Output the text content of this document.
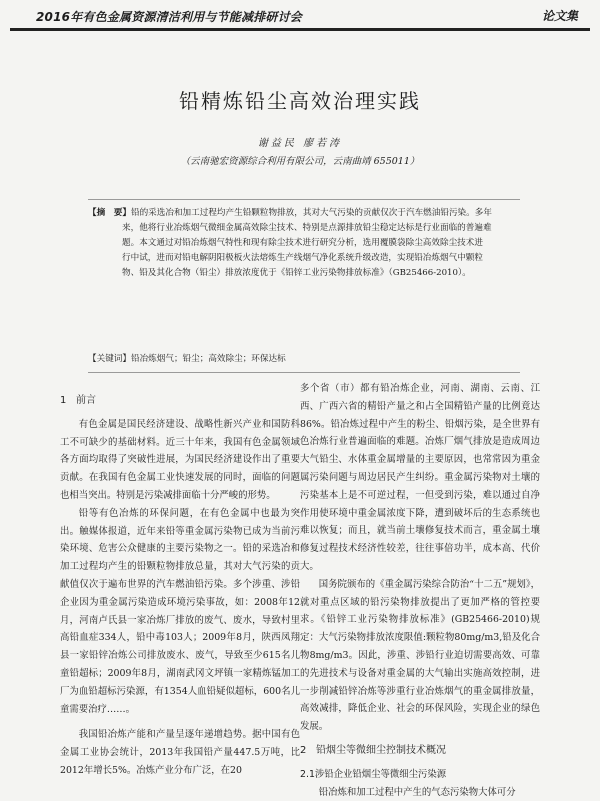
2016年有色金属资源清洁利用与节能减排研讨会	论文集
铅精炼铅尘高效治理实践
谢益民 廖若涛
（云南驰宏资源综合利用有限公司，云南曲靖 655011）
【摘　要】铅的采选冶和加工过程均产生铅颗粒物排放，其对大气污染的贡献仅次于汽车燃油铅污染。多年
来，他将行业冶炼烟气微细金属高效除尘技术、特别是点源排放铅尘稳定达标是行业面临的普遍难
题。本文通过对铅冶炼烟气特性和现有除尘技术进行研究分析，选用覆膜袋除尘高效除尘技术进
行中试，进而对铅电解阴阳极板火法熔炼生产线烟气净化系统升级改造，实现铅冶炼烟气中颗粒
物、铅及其化合物（铅尘）排放浓度优于《铅锌工业污染物排放标准》（GB25466-2010）。
【关键词】铅冶炼烟气；铅尘；高效除尘；环保达标
1 前言

有色金属是国民经济建设、战略性新兴产业和国防科工不可缺少的基础材料。近三十年来，我国有色金属领域各方面均取得了突破性进展，为国民经济建设作出了重要贡献。在我国有色金属工业快速发展的同时，面临的问题也相当突出。特别是污染减排面临十分严峻的形势。

铅等有色冶炼的环保问题，在有色金属中也最为突出。触媒体报道，近年来铅等重金属污染物已成为当前污染环境、危害公众健康的主要污染物之一。铅的采选冶和加工过程均产生的铅颗粒物排放总量，其对大气污染的贡献值仅次于遍布世界的汽车燃油铅污染。多个涉重、涉铅企业因为重金属污染造成环境污染事故，如：2008年12月，河南卢氏县一家冶炼厂排放的废气、废水，导致村里高铅血症334人，铅中毒103人；2009年8月，陕西凤翔县一家铅锌冶炼公司排放废水、废气，导致至少615名儿童铅超标；2009年8月，湖南武冈文坪镇一家精炼锰加工厂为血铅超标污染源，有1354人血铅疑似超标，600名儿童需要治疗……。

我国铅冶炼产能和产量呈逐年递增趋势。据中国有色金属工业协会统计，2013年我国铅产量447.5万吨，比2012年增长5%。冶炼产业分布广泛，在20

多个省（市）都有铅冶炼企业，河南、湖南、云南、江西、广西六省的精铅产量之和占全国精铅产量的比例竟达86%。铅冶炼过程中产生的粉尘、铅烟污染，是全世界有色冶炼行业普遍面临的难题。冶炼厂烟气排放是造成周边大气铅尘、水体重金属增量的主要原因，也常常因为重金属污染问题与周边居民产生纠纷。重金属污染物对土壤的污染基本上是不可逆过程，一但受到污染，难以通过自净作用使环境中重金属浓度下降，遭到破坏后的生态系统也难以恢复；而且，就当前土壤修复技术而言，重金属土壤修复过程技术经济性较差，往往事倍功半，成本高、代价大。

国务院颁布的《重金属污染综合防治“十二五”规划》，就对重点区域的铅污染物排放提出了更加严格的管控要求。《铅锌工业污染物排放标准》(GB25466-2010)规定：大气污染物排放浓度限值:颗粒物80mg/m3,铅及化合物8mg/m3。因此，涉重、涉铅行业迫切需要高效、可靠的先进技术与设备对重金属的大气输出实施高效控制，进一步削减铅锌冶炼等涉重行业冶炼烟气的重金属排放量，高效减排，降低企业、社会的环保风险，实现企业的绿色发展。

2 铅烟尘等微细尘控制技术概况
2.1涉铅企业铅烟尘等微细尘污染源

铅冶炼和加工过程中产生的气态污染物大体可分
